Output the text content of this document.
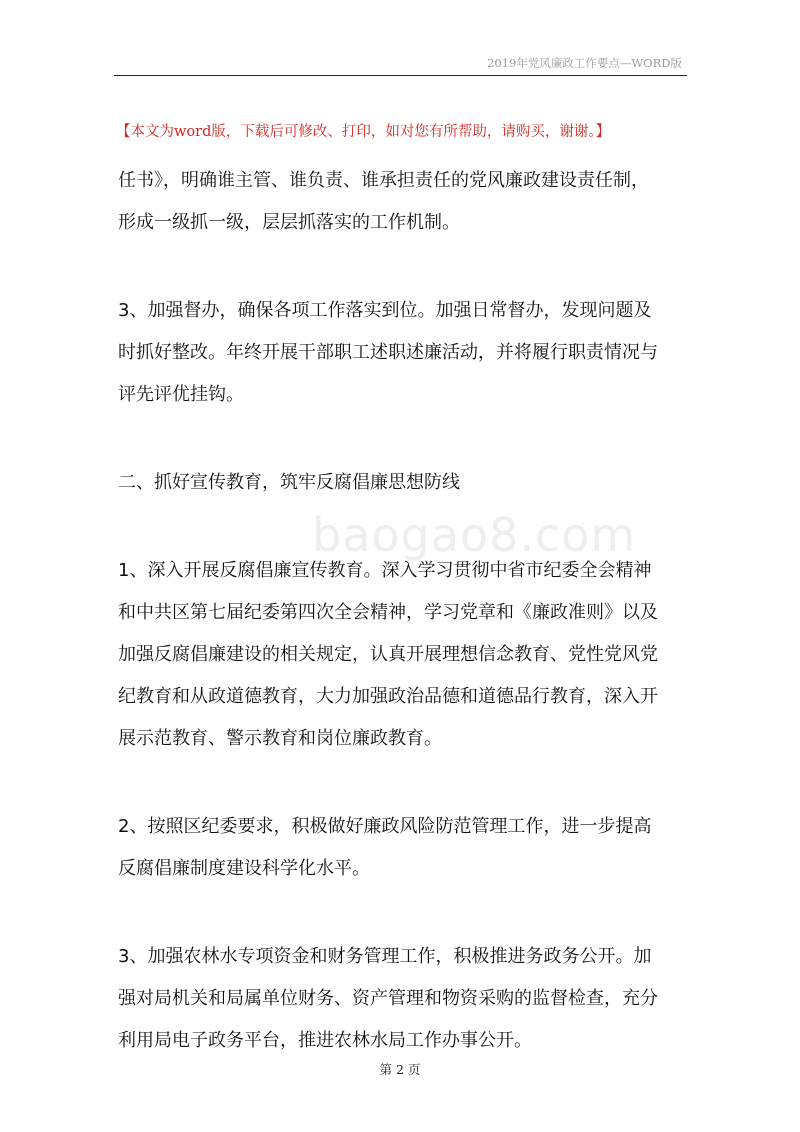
2019年党风廉政工作要点—WORD版
【本文为word版，下载后可修改、打印，如对您有所帮助，请购买，谢谢。】
baogao8.com

任书》，明确谁主管、谁负责、谁承担责任的党风廉政建设责任制，
形成一级抓一级，层层抓落实的工作机制。

3、加强督办，确保各项工作落实到位。加强日常督办，发现问题及
时抓好整改。年终开展干部职工述职述廉活动，并将履行职责情况与
评先评优挂钩。

二、抓好宣传教育，筑牢反腐倡廉思想防线

1、深入开展反腐倡廉宣传教育。深入学习贯彻中省市纪委全会精神
和中共区第七届纪委第四次全会精神，学习党章和《廉政准则》以及
加强反腐倡廉建设的相关规定，认真开展理想信念教育、党性党风党
纪教育和从政道德教育，大力加强政治品德和道德品行教育，深入开
展示范教育、警示教育和岗位廉政教育。

2、按照区纪委要求，积极做好廉政风险防范管理工作，进一步提高
反腐倡廉制度建设科学化水平。

3、加强农林水专项资金和财务管理工作，积极推进务政务公开。加
强对局机关和局属单位财务、资产管理和物资采购的监督检查，充分
利用局电子政务平台，推进农林水局工作办事公开。

第 2 页
